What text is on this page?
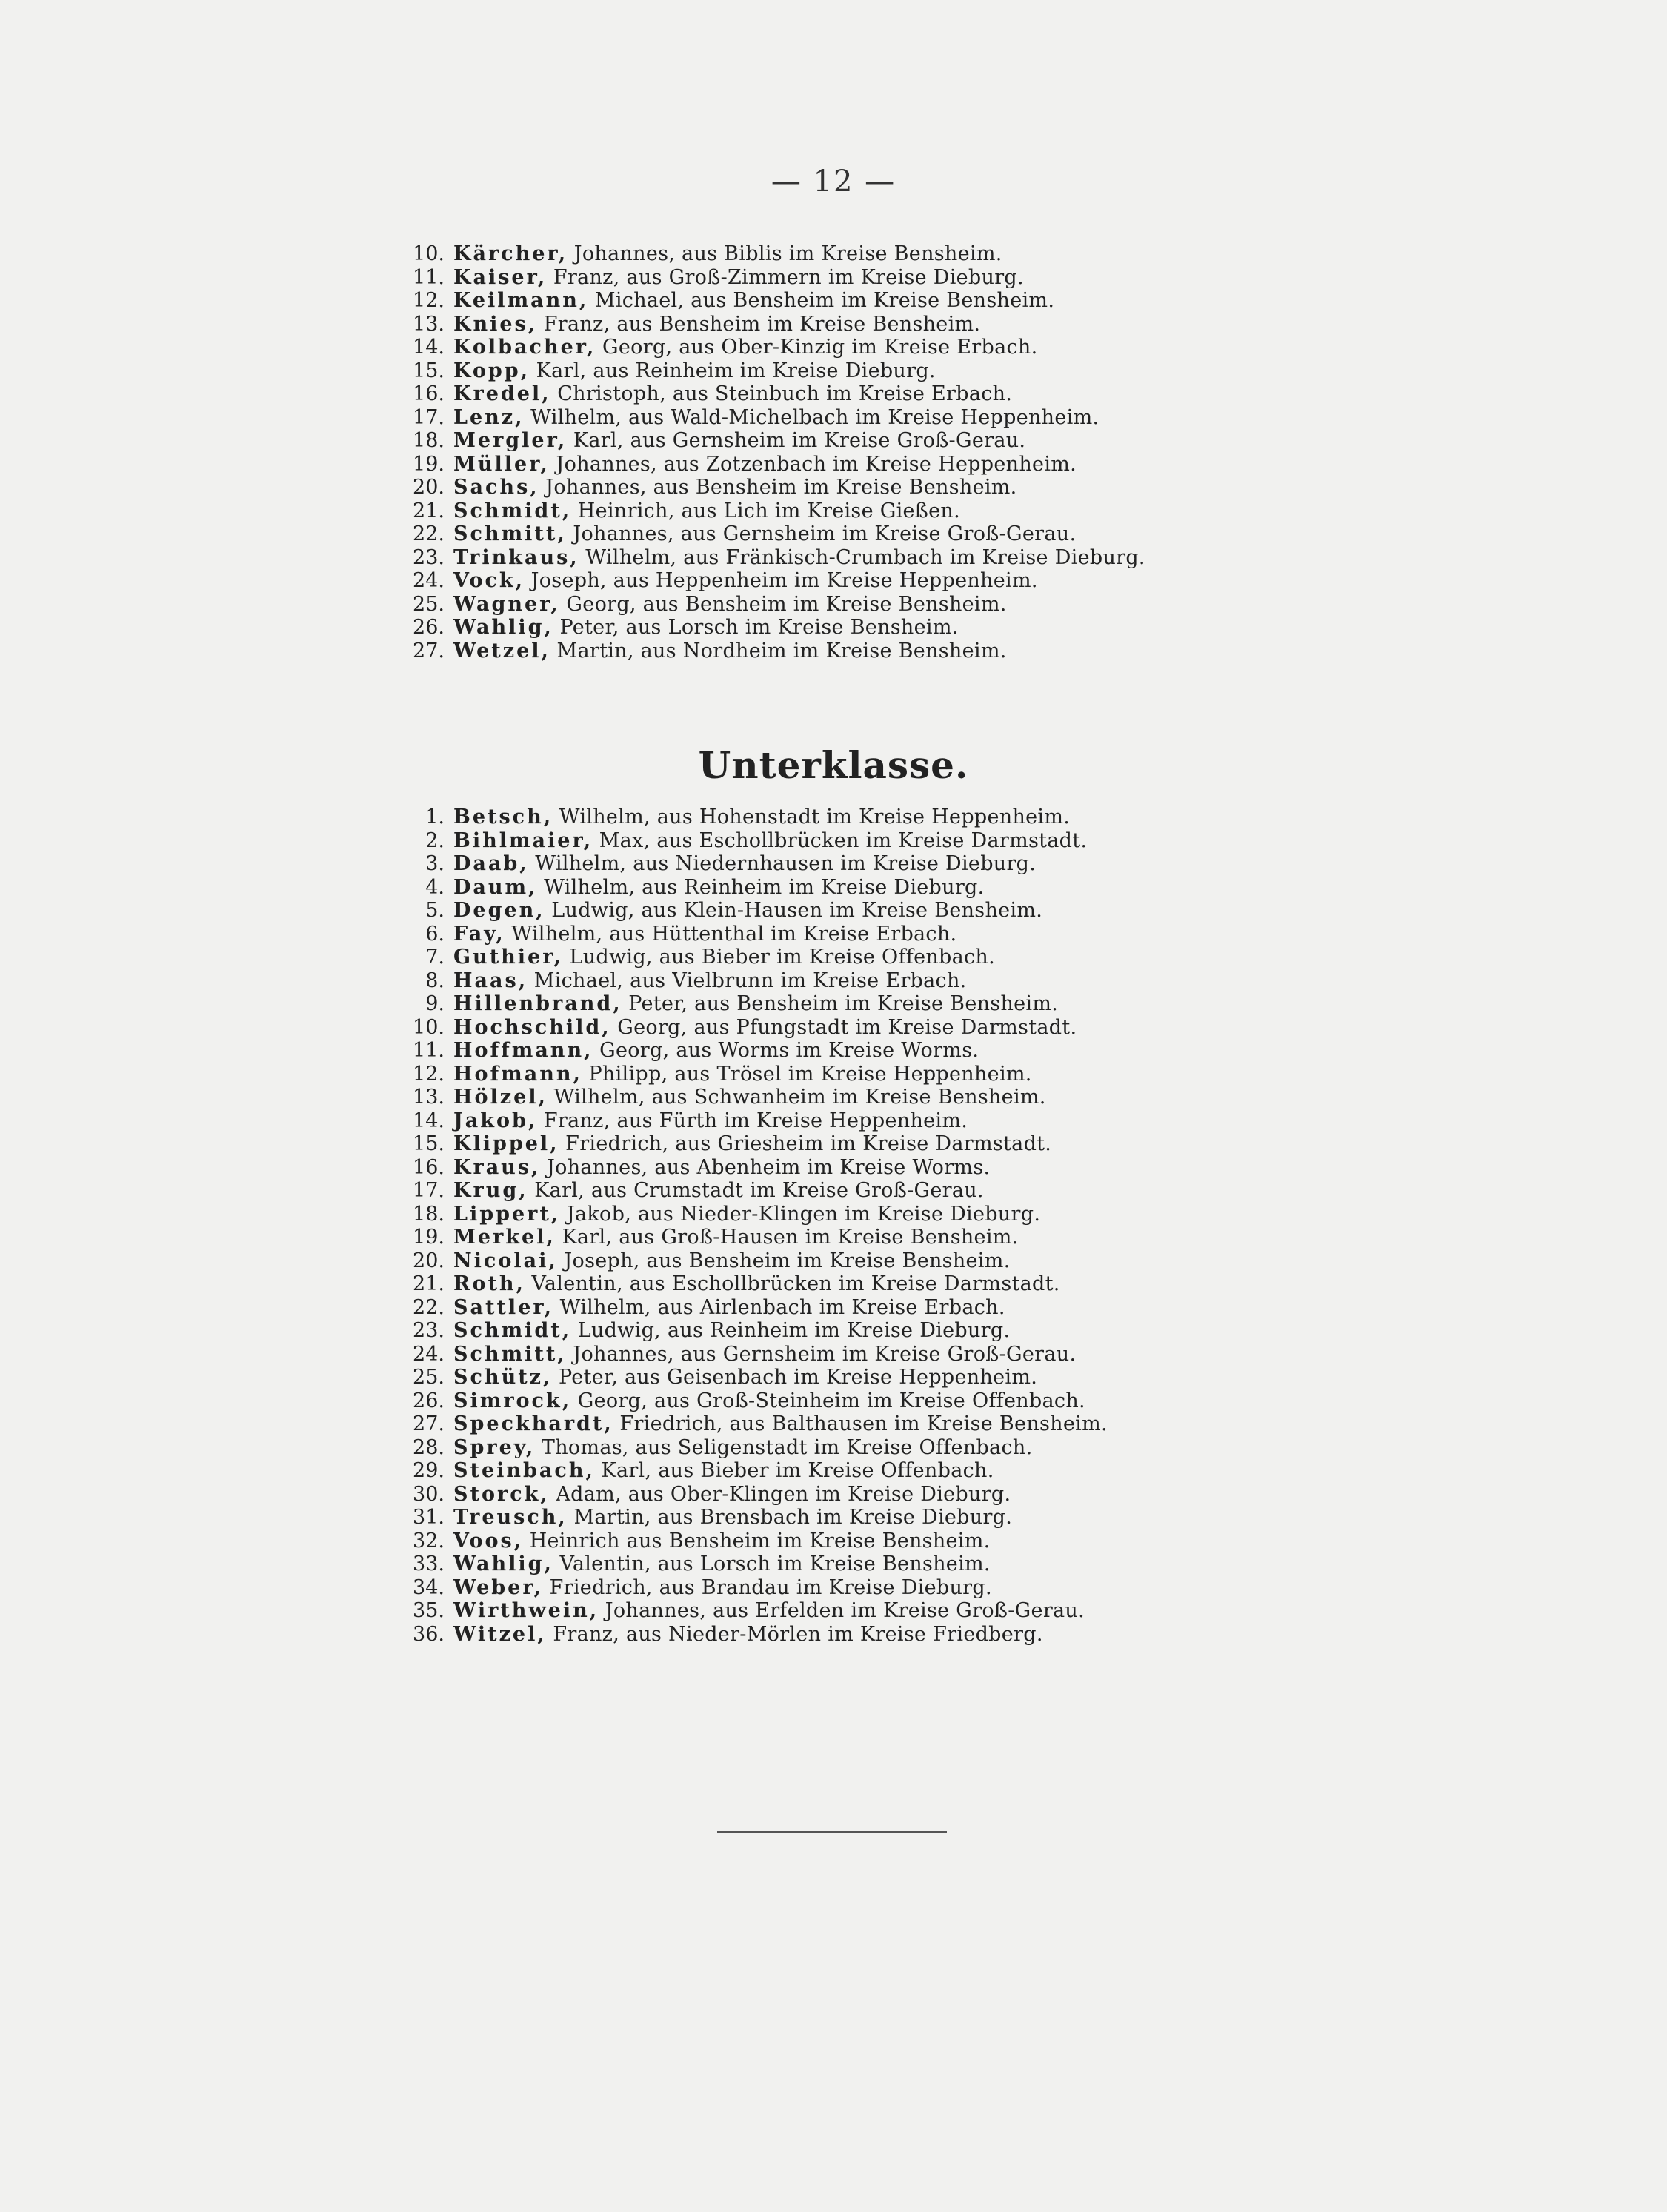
— 12 —
10. Kärcher,
Johannes, aus Biblis im Kreise Bensheim.
11. Kaiser,
Franz, aus Groß-Zimmern im Kreise Dieburg.
12. Keilmann,
Michael, aus Bensheim im Kreise Bensheim.
13. Knies,
Franz, aus Bensheim im Kreise Bensheim.
14. Kolbacher,
Georg, aus Ober-Kinzig im Kreise Erbach.
15. Kopp,
Karl, aus Reinheim im Kreise Dieburg.
16. Kredel,
Christoph, aus Steinbuch im Kreise Erbach.
17. Lenz,
Wilhelm, aus Wald-Michelbach im Kreise Heppenheim.
18. Mergler,
Karl, aus Gernsheim im Kreise Groß-Gerau.
19. Müller,
Johannes, aus Zotzenbach im Kreise Heppenheim.
20. Sachs,
Johannes, aus Bensheim im Kreise Bensheim.
21. Schmidt,
Heinrich, aus Lich im Kreise Gießen.
22. Schmitt,
Johannes, aus Gernsheim im Kreise Groß-Gerau.
23. Trinkaus,
Wilhelm, aus Fränkisch-Crumbach im Kreise Dieburg.
24. Vock,
Joseph, aus Heppenheim im Kreise Heppenheim.
25. Wagner,
Georg, aus Bensheim im Kreise Bensheim.
26. Wahlig,
Peter, aus Lorsch im Kreise Bensheim.
27. Wetzel,
Martin, aus Nordheim im Kreise Bensheim.
Unterklasse.
1. Betsch,
Wilhelm, aus Hohenstadt im Kreise Heppenheim.
2. Bihlmaier,
Max, aus Eschollbrücken im Kreise Darmstadt.
3. Daab,
Wilhelm, aus Niedernhausen im Kreise Dieburg.
4. Daum,
Wilhelm, aus Reinheim im Kreise Dieburg.
5. Degen,
Ludwig, aus Klein-Hausen im Kreise Bensheim.
6. Fay,
Wilhelm, aus Hüttenthal im Kreise Erbach.
7. Guthier,
Ludwig, aus Bieber im Kreise Offenbach.
8. Haas,
Michael, aus Vielbrunn im Kreise Erbach.
9. Hillenbrand,
Peter, aus Bensheim im Kreise Bensheim.
10. Hochschild,
Georg, aus Pfungstadt im Kreise Darmstadt.
11. Hoffmann,
Georg, aus Worms im Kreise Worms.
12. Hofmann,
Philipp, aus Trösel im Kreise Heppenheim.
13. Hölzel,
Wilhelm, aus Schwanheim im Kreise Bensheim.
14. Jakob,
Franz, aus Fürth im Kreise Heppenheim.
15. Klippel,
Friedrich, aus Griesheim im Kreise Darmstadt.
16. Kraus,
Johannes, aus Abenheim im Kreise Worms.
17. Krug,
Karl, aus Crumstadt im Kreise Groß-Gerau.
18. Lippert,
Jakob, aus Nieder-Klingen im Kreise Dieburg.
19. Merkel,
Karl, aus Groß-Hausen im Kreise Bensheim.
20. Nicolai,
Joseph, aus Bensheim im Kreise Bensheim.
21. Roth,
Valentin, aus Eschollbrücken im Kreise Darmstadt.
22. Sattler,
Wilhelm, aus Airlenbach im Kreise Erbach.
23. Schmidt,
Ludwig, aus Reinheim im Kreise Dieburg.
24. Schmitt,
Johannes, aus Gernsheim im Kreise Groß-Gerau.
25. Schütz,
Peter, aus Geisenbach im Kreise Heppenheim.
26. Simrock,
Georg, aus Groß-Steinheim im Kreise Offenbach.
27. Speckhardt,
Friedrich, aus Balthausen im Kreise Bensheim.
28. Sprey,
Thomas, aus Seligenstadt im Kreise Offenbach.
29. Steinbach,
Karl, aus Bieber im Kreise Offenbach.
30. Storck,
Adam, aus Ober-Klingen im Kreise Dieburg.
31. Treusch,
Martin, aus Brensbach im Kreise Dieburg.
32. Voos,
Heinrich aus Bensheim im Kreise Bensheim.
33. Wahlig,
Valentin, aus Lorsch im Kreise Bensheim.
34. Weber,
Friedrich, aus Brandau im Kreise Dieburg.
35. Wirthwein,
Johannes, aus Erfelden im Kreise Groß-Gerau.
36. Witzel,
Franz, aus Nieder-Mörlen im Kreise Friedberg.
